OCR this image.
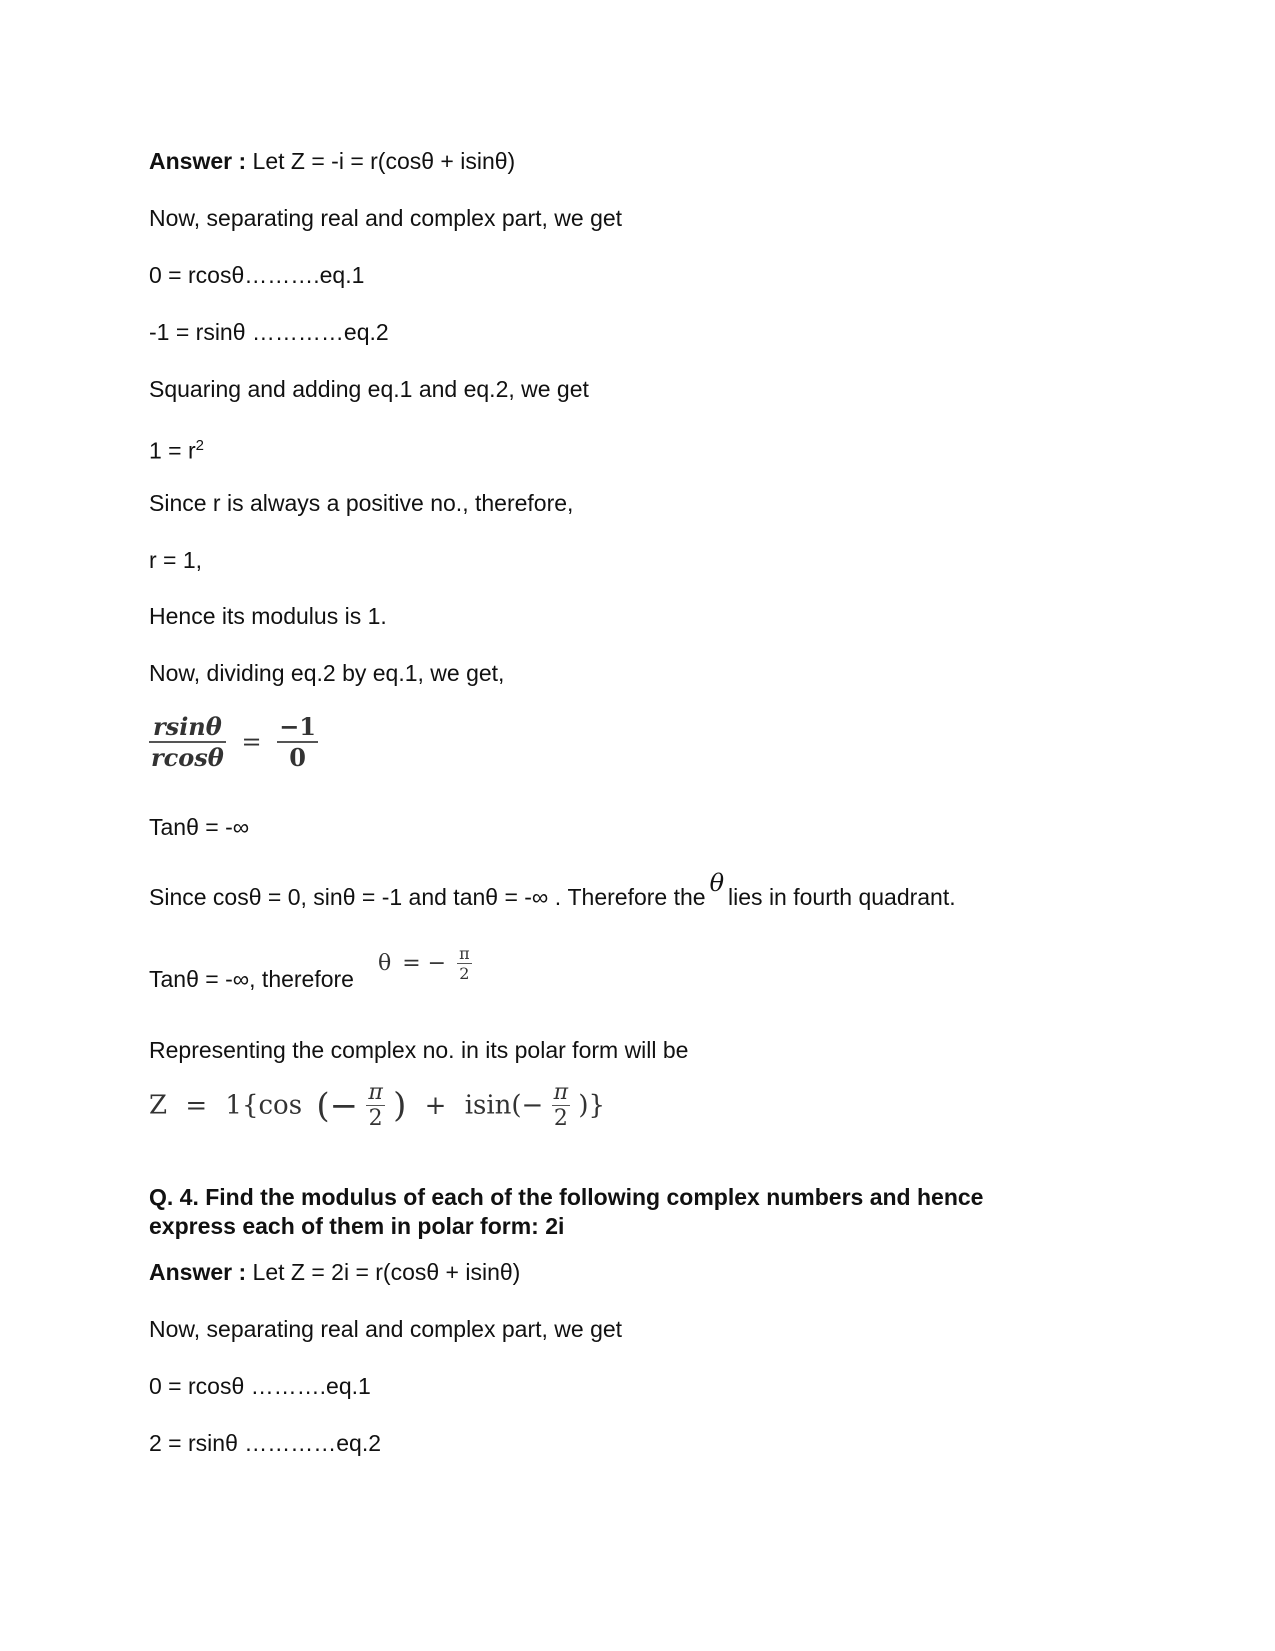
Answer : Let Z = -i = r(cosθ + isinθ)
Now, separating real and complex part, we get
0 = rcosθ……….eq.1
-1 = rsinθ …………eq.2
Squaring and adding eq.1 and eq.2, we get
$1 = r^2$
Since r is always a positive no., therefore,
r = 1,
Hence its modulus is 1.
Now, dividing eq.2 by eq.1, we get,
$\frac{rsin\theta}{rcos\theta} = \frac{-1}{0}$
Tanθ = -∞
Since cosθ = 0, sinθ = -1 and tanθ = -∞ . Therefore the θ lies in fourth quadrant.
Tanθ = -∞, therefore
θ = − $\frac{\pi}{2}$
Representing the complex no. in its polar form will be
Z = 1{cos (− $\frac{\pi}{2}$ ) + $isin(- \frac{\pi}{2}$ )}
Q. 4. Find the modulus of each of the following complex numbers and hence express each of them in polar form: 2i
Answer : Let Z = 2i = r(cosθ + isinθ)
Now, separating real and complex part, we get
0 = rcosθ ……….eq.1
2 = rsinθ …………eq.2
